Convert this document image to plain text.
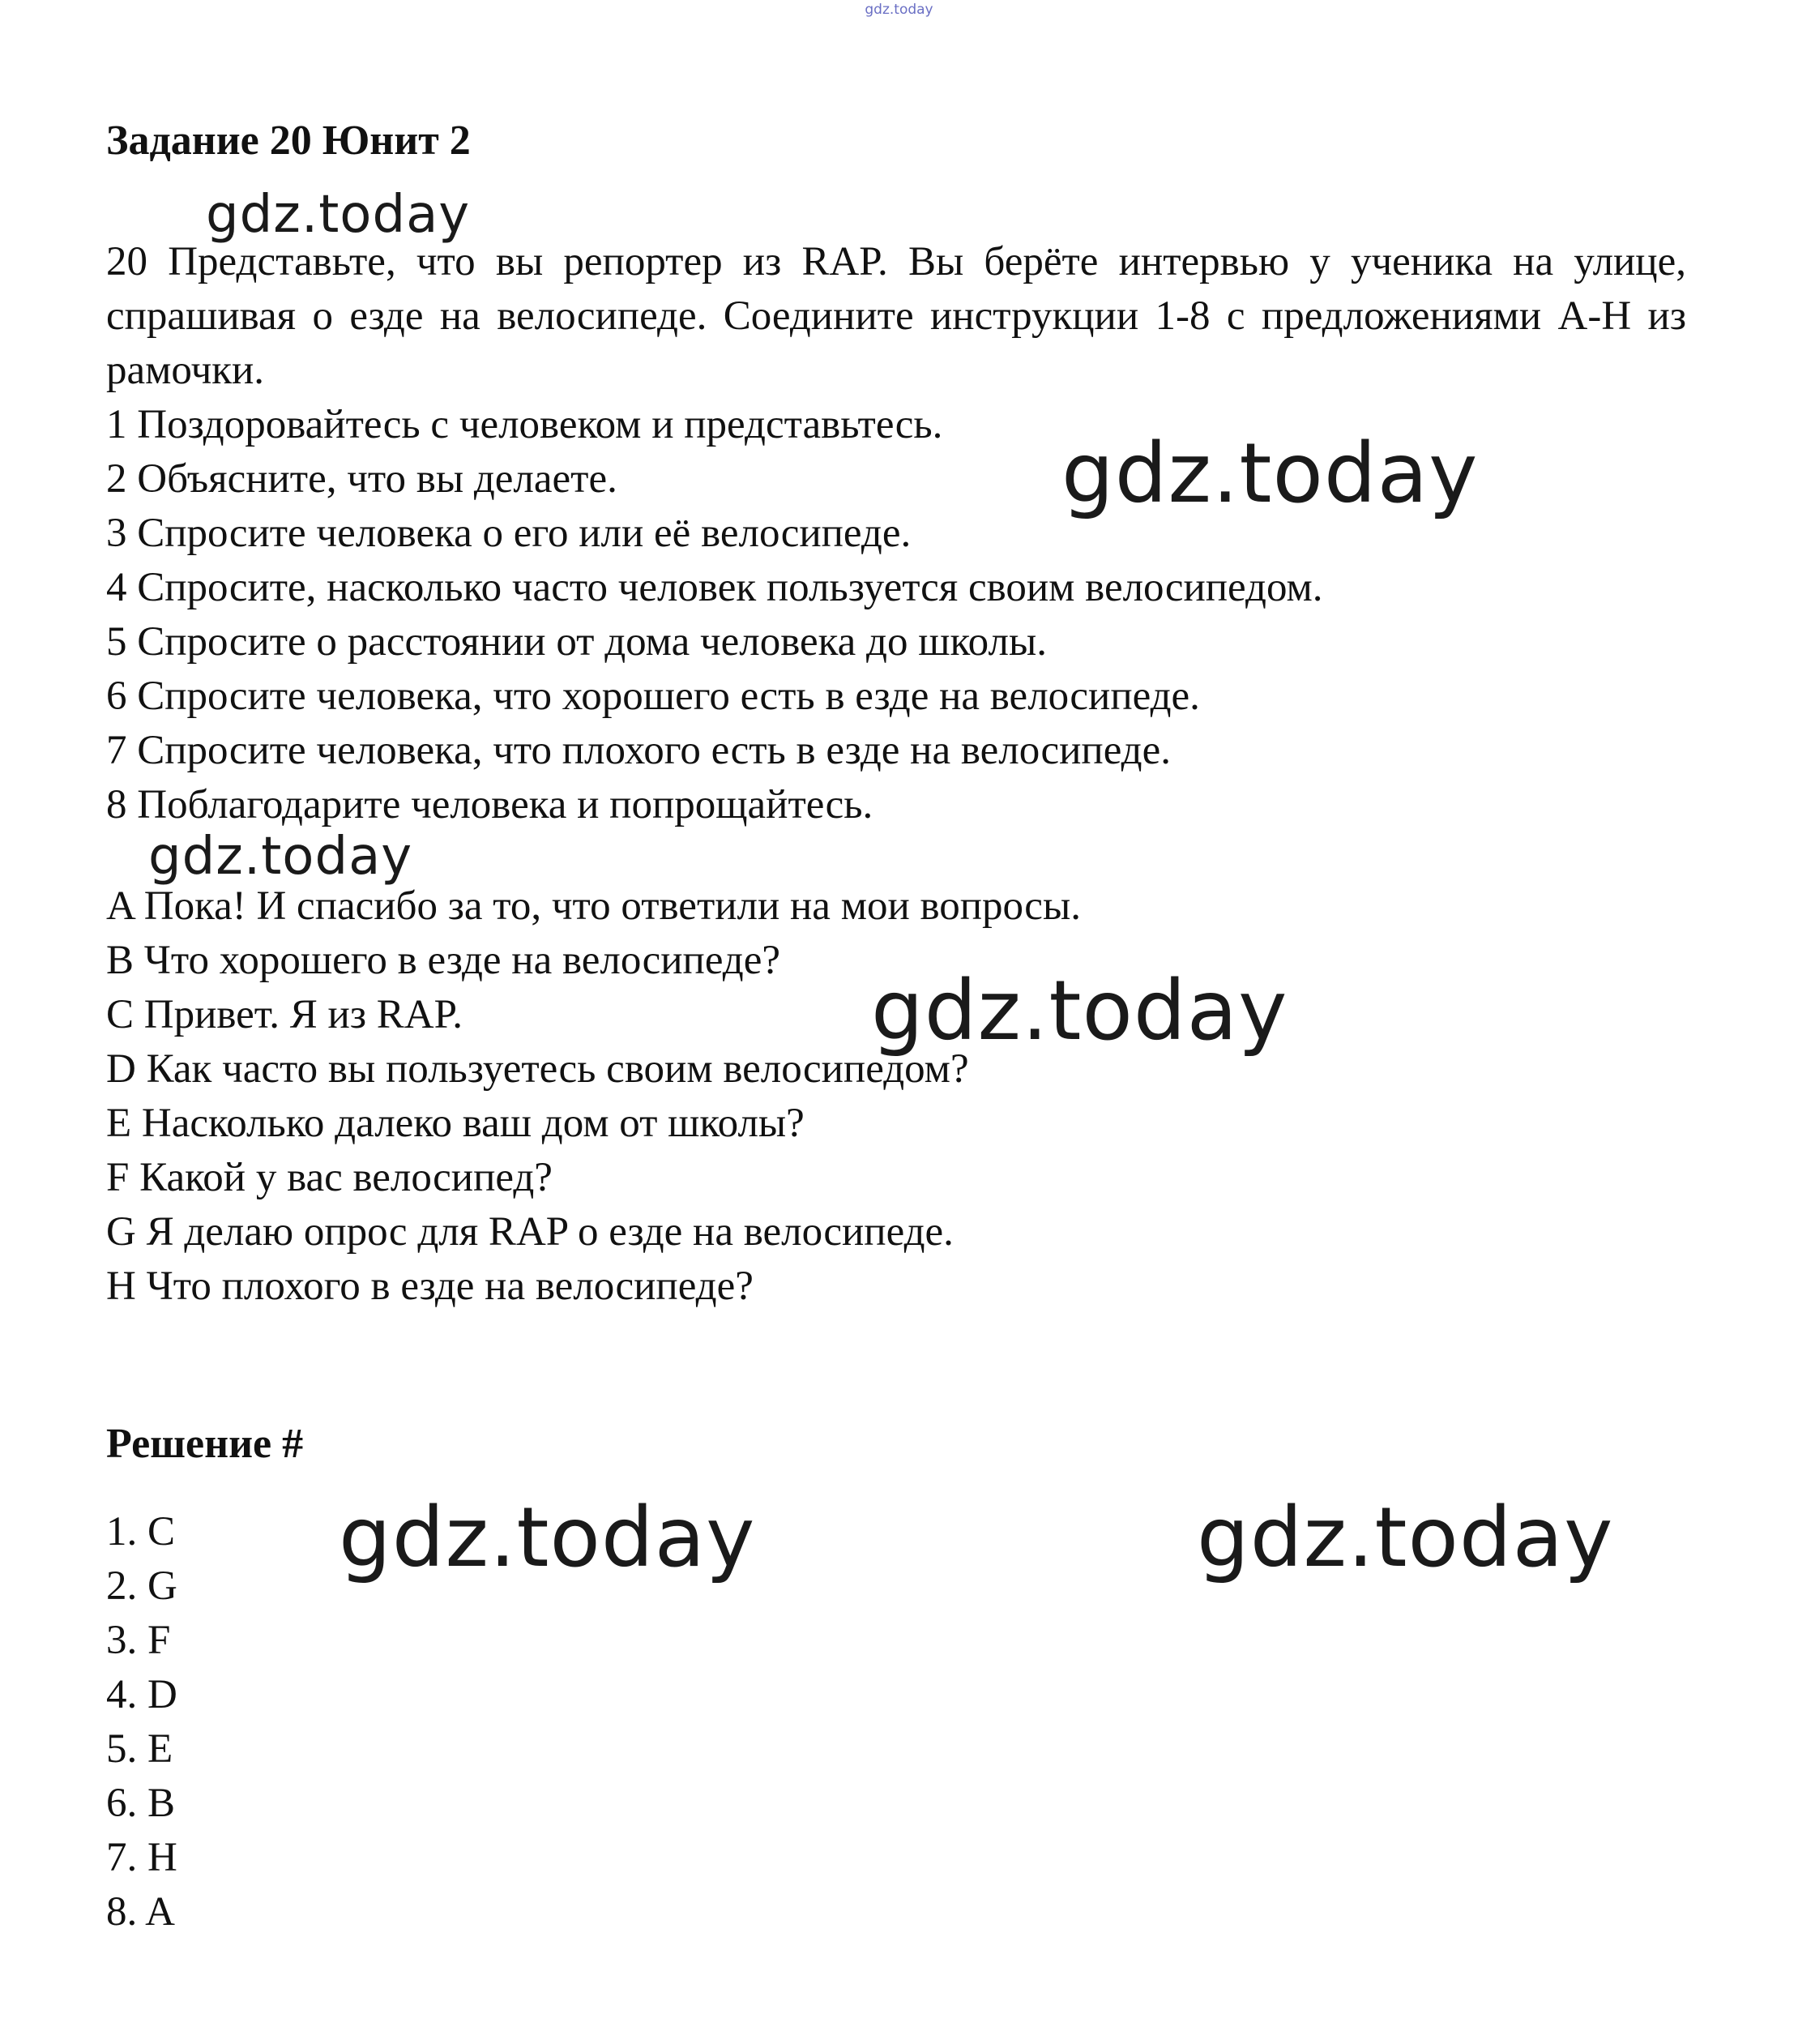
gdz.today
Задание 20 Юнит 2

20 Представьте, что вы репортер из RAP. Вы берёте интервью у ученика на улице, спрашивая о езде на велосипеде. Соедините инструкции 1-8 с предложениями A-H из рамочки.

1 Поздоровайтесь с человеком и представьтесь.

2 Объясните, что вы делаете.

3 Спросите человека о его или её велосипеде.

4 Спросите, насколько часто человек пользуется своим велосипедом.

5 Спросите о расстоянии от дома человека до школы.

6 Спросите человека, что хорошего есть в езде на велосипеде.

7 Спросите человека, что плохого есть в езде на велосипеде.

8 Поблагодарите человека и попрощайтесь.

A Пока! И спасибо за то, что ответили на мои вопросы.

B Что хорошего в езде на велосипеде?

C Привет. Я из RAP.

D Как часто вы пользуетесь своим велосипедом?

E Насколько далеко ваш дом от школы?

F Какой у вас велосипед?

G Я делаю опрос для RAP о езде на велосипеде.

H Что плохого в езде на велосипеде?

Решение #

1. C

2. G

3. F

4. D

5. E

6. B

7. H

8. A

gdz.today
gdz.today
gdz.today
gdz.today
gdz.today	gdz.today
